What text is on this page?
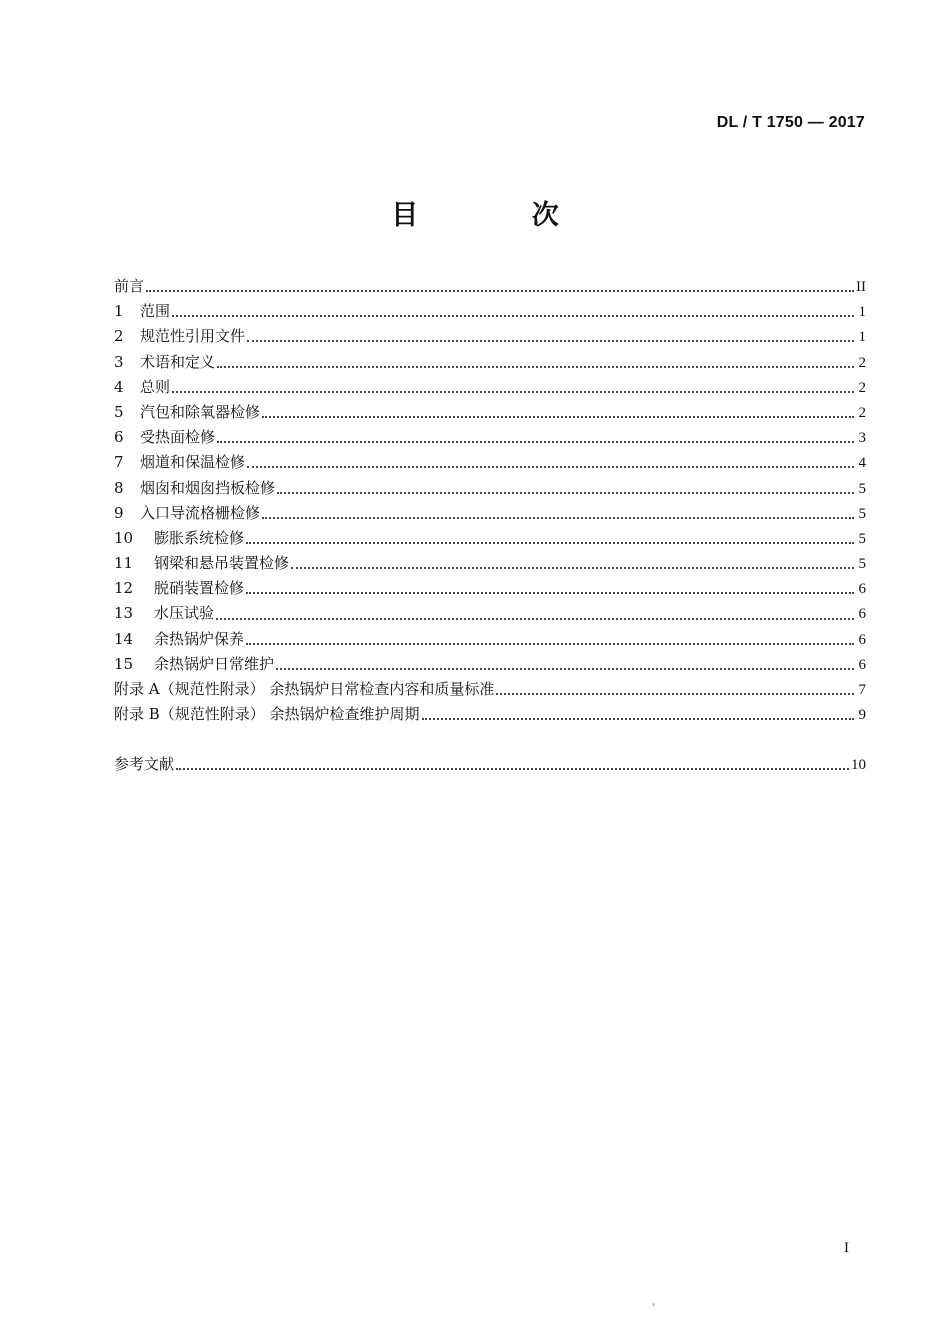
DL / T 1750 — 2017
目 次
前言	II
1	范围	1
2	规范性引用文件	1
3	术语和定义	2
4	总则	2
5	汽包和除氧器检修	2
6	受热面检修	3
7	烟道和保温检修	4
8	烟囱和烟囱挡板检修	5
9	入口导流格栅检修	5
10	膨胀系统检修	5
11	钢梁和悬吊装置检修	5
12	脱硝装置检修	6
13	水压试验	6
14	余热锅炉保养	6
15	余热锅炉日常维护	6
附录 A（规范性附录） 余热锅炉日常检查内容和质量标准	7
附录 B（规范性附录） 余热锅炉检查维护周期	9
参考文献	10
I
